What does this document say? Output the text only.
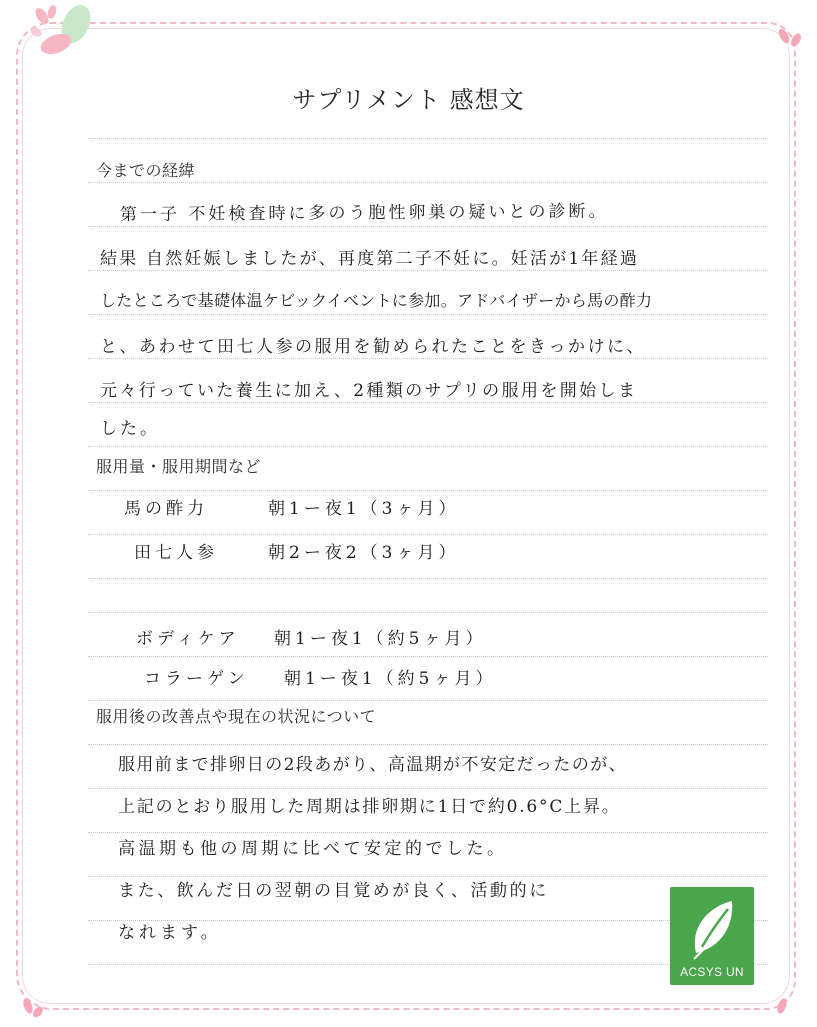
サプリメント 感想文
今までの経緯
第一子 不妊検査時に多のう胞性卵巣の疑いとの診断。
結果 自然妊娠しましたが、再度第二子不妊に。妊活が1年経過
したところで基礎体温ケビックイベントに参加。アドバイザーから馬の酢力
と、あわせて田七人参の服用を勧められたことをきっかけに、
元々行っていた養生に加え、2種類のサプリの服用を開始しま
した。
服用量・服用期間など
馬の酢力	朝1ー夜1（3ヶ月）
田七人参	朝2ー夜2（3ヶ月）
ボディケア 朝1ー夜1（約5ヶ月）
コラーゲン 朝1ー夜1（約5ヶ月）
服用後の改善点や現在の状況について
服用前まで排卵日の2段あがり、高温期が不安定だったのが、
上記のとおり服用した周期は排卵期に1日で約0.6°C上昇。
高温期も他の周期に比べて安定的でした。
また、飲んだ日の翌朝の目覚めが良く、活動的に
なれます。
ACSYS UN
